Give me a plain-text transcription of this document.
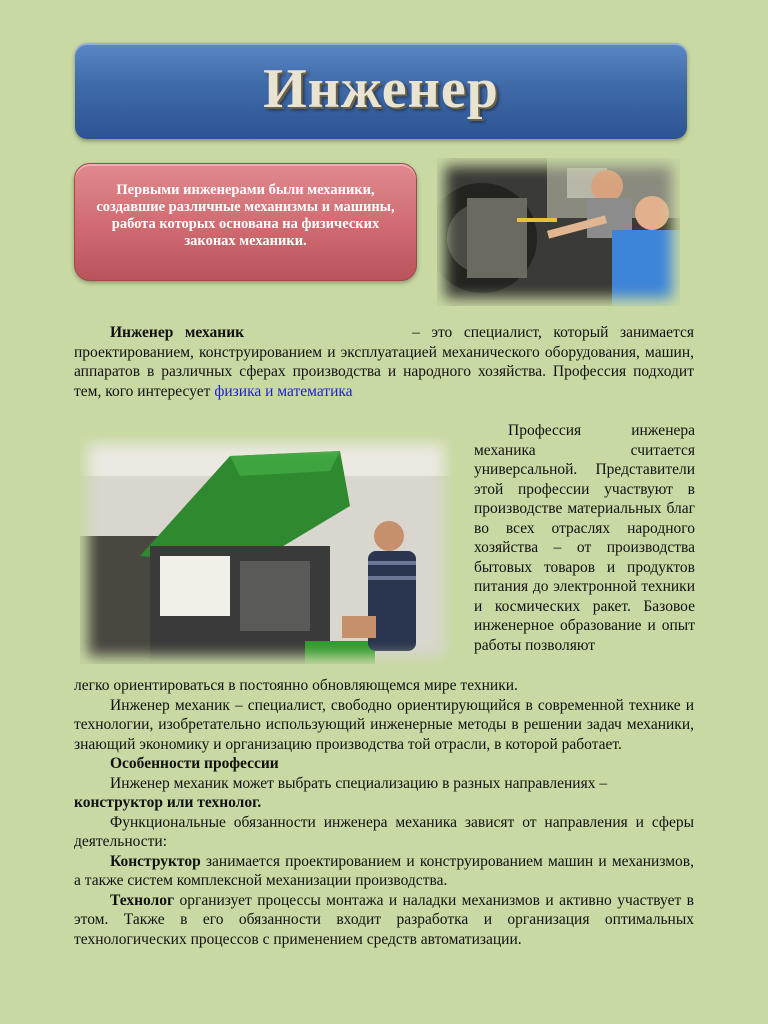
Инженер
Первыми инженерами были механики, создавшие различные механизмы и машины, работа которых основана на физических законах механики.
Инженер механик	– это специалист, который занимается проектированием, конструированием и эксплуатацией механического оборудования, машин, аппаратов в различных сферах производства и народного хозяйства. Профессия подходит тем, кого интересует физика и математика
Профессия инженера механика считается универсальной. Представители этой профессии участвуют в производстве материальных благ во всех отраслях народного хозяйства – от производства бытовых товаров и продуктов питания до электронной техники и космических ракет. Базовое инженерное образование и опыт работы позволяют
легко ориентироваться в постоянно обновляющемся мире техники.
Инженер механик – специалист, свободно ориентирующийся в современной технике и технологии, изобретательно использующий инженерные методы в решении задач механики, знающий экономику и организацию производства той отрасли, в которой работает.
Особенности профессии
Инженер механик может выбрать специализацию в разных направлениях –
конструктор или технолог.
Функциональные обязанности инженера механика зависят от направления и сферы деятельности:
Конструктор занимается проектированием и конструированием машин и механизмов, а также систем комплексной механизации производства.
Технолог организует процессы монтажа и наладки механизмов и активно участвует в этом. Также в его обязанности входит разработка и организация оптимальных технологических процессов с применением средств автоматизации.
